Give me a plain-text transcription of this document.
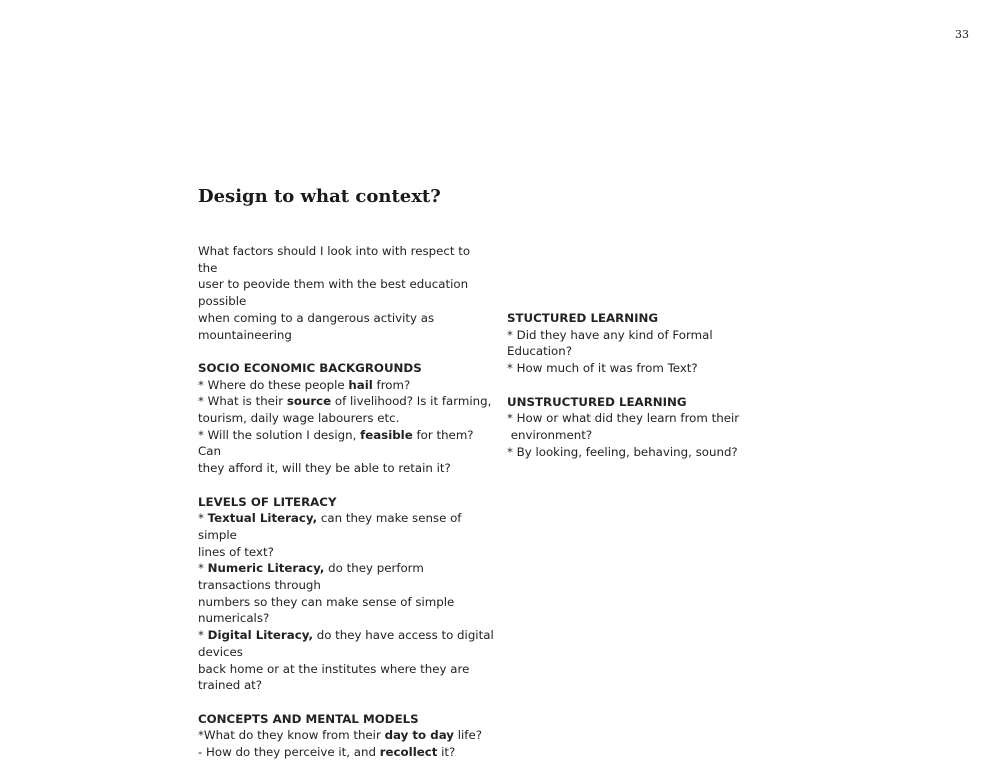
33
Design to what context?
What factors should I look into with respect to the
user to peovide them with the best education possible
when coming to a dangerous activity as mountaineering
SOCIO ECONOMIC BACKGROUNDS
* Where do these people hail from?
* What is their source of livelihood? Is it farming,
tourism, daily wage labourers etc.
* Will the solution I design, feasible for them? Can
they afford it, will they be able to retain it?
LEVELS OF LITERACY
* Textual Literacy, can they make sense of simple
lines of text?
* Numeric Literacy, do they perform transactions through
numbers so they can make sense of simple numericals?
* Digital Literacy, do they have access to digital devices
back home or at the institutes where they are trained at?
CONCEPTS AND MENTAL MODELS
*What do they know from their day to day life?
- How do they perceive it, and recollect it?
STUCTURED LEARNING
* Did they have any kind of Formal Education?
* How much of it was from Text?
UNSTRUCTURED LEARNING
* How or what did they learn from their
environment?
* By looking, feeling, behaving, sound?
